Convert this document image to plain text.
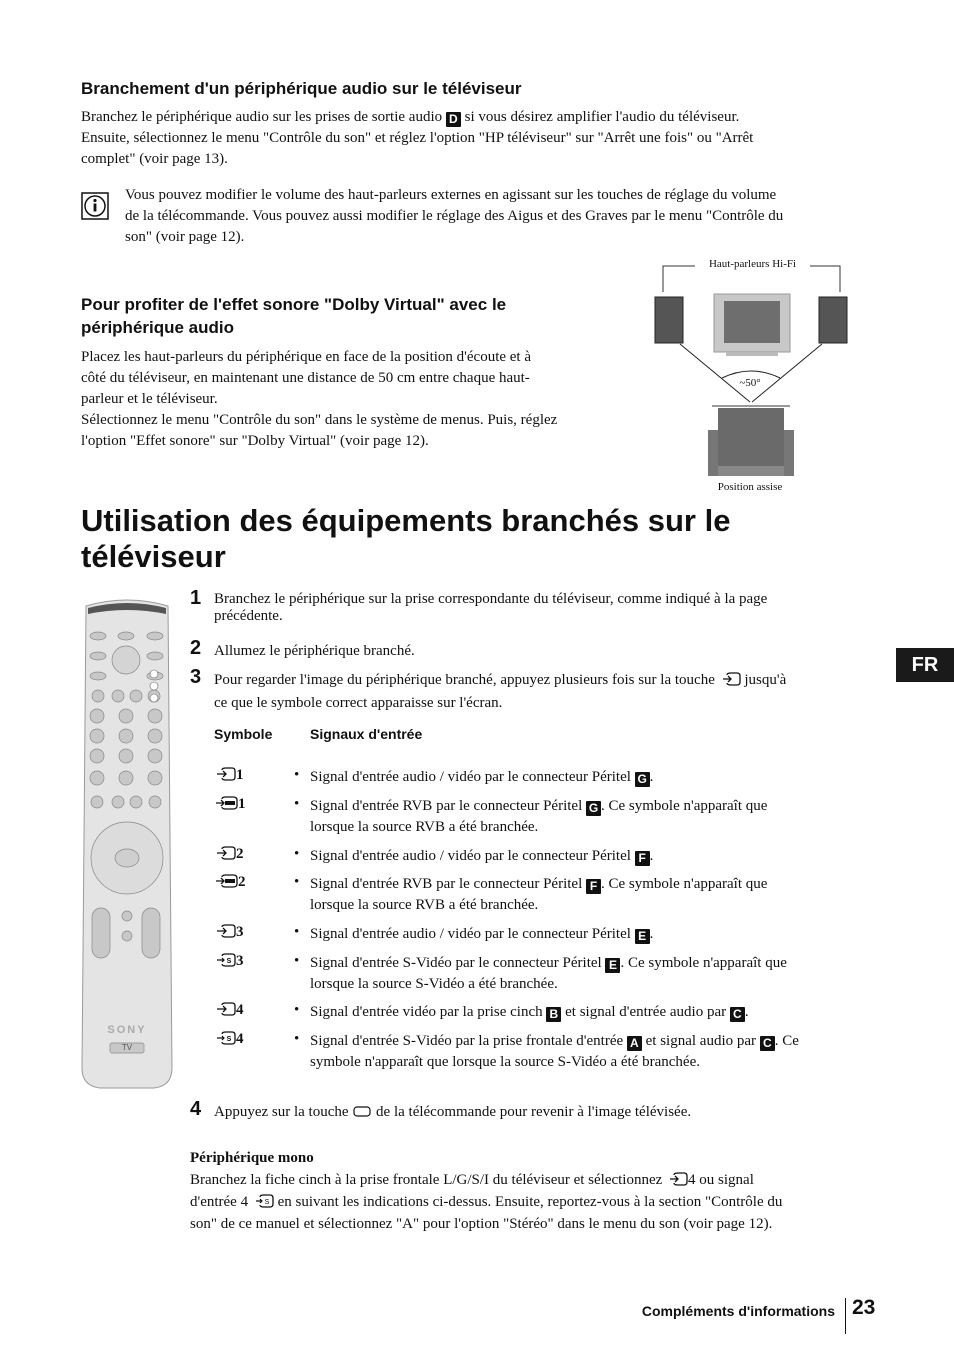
Branchement d'un périphérique audio sur le téléviseur
Branchez le périphérique audio sur les prises de sortie audio D si vous désirez amplifier l'audio du téléviseur.
Ensuite, sélectionnez le menu "Contrôle du son" et réglez l'option "HP téléviseur" sur "Arrêt une fois" ou "Arrêt
complet" (voir page 13).
Vous pouvez modifier le volume des haut-parleurs externes en agissant sur les touches de réglage du volume
de la télécommande. Vous pouvez aussi modifier le réglage des Aigus et des Graves par le menu "Contrôle du
son" (voir page 12).
Pour profiter de l'effet sonore "Dolby Virtual" avec le
périphérique audio
Placez les haut-parleurs du périphérique en face de la position d'écoute et à
côté du téléviseur, en maintenant une distance de 50 cm entre chaque haut-
parleur et le téléviseur.
Sélectionnez le menu "Contrôle du son" dans le système de menus. Puis, réglez
l'option "Effet sonore" sur "Dolby Virtual" (voir page 12).
Haut-parleurs Hi-Fi
~50°
Position assise
Utilisation des équipements branchés sur le
téléviseur
FR
SONY
TV
1 Branchez le périphérique sur la prise correspondante du téléviseur, comme indiqué à la page
précédente.
2 Allumez le périphérique branché.
3 Pour regarder l'image du périphérique branché, appuyez plusieurs fois sur la touche jusqu'à
ce que le symbole correct apparaisse sur l'écran.
Symbole	Signaux d'entrée
1	• Signal d'entrée audio / vidéo par le connecteur Péritel G .
1	• Signal d'entrée RVB par le connecteur Péritel G . Ce symbole n'apparaît que
lorsque la source RVB a été branchée.
2	• Signal d'entrée audio / vidéo par le connecteur Péritel F .
2	• Signal d'entrée RVB par le connecteur Péritel F . Ce symbole n'apparaît que
lorsque la source RVB a été branchée.
3	• Signal d'entrée audio / vidéo par le connecteur Péritel E .
S 3	• Signal d'entrée S-Vidéo par le connecteur Péritel E . Ce symbole n'apparaît que
lorsque la source S-Vidéo a été branchée.
4	• Signal d'entrée vidéo par la prise cinch B et signal d'entrée audio par C .
S 4	• Signal d'entrée S-Vidéo par la prise frontale d'entrée A et signal audio par C . Ce
symbole n'apparaît que lorsque la source S-Vidéo a été branchée.
4 Appuyez sur la touche de la télécommande pour revenir à l'image télévisée.
Périphérique mono
Branchez la fiche cinch à la prise frontale L/G/S/I du téléviseur et sélectionnez 4 ou signal
d'entrée 4 S en suivant les indications ci-dessus. Ensuite, reportez-vous à la section "Contrôle du
son" de ce manuel et sélectionnez "A" pour l'option "Stéréo" dans le menu du son (voir page 12).
Compléments d'informations 23
